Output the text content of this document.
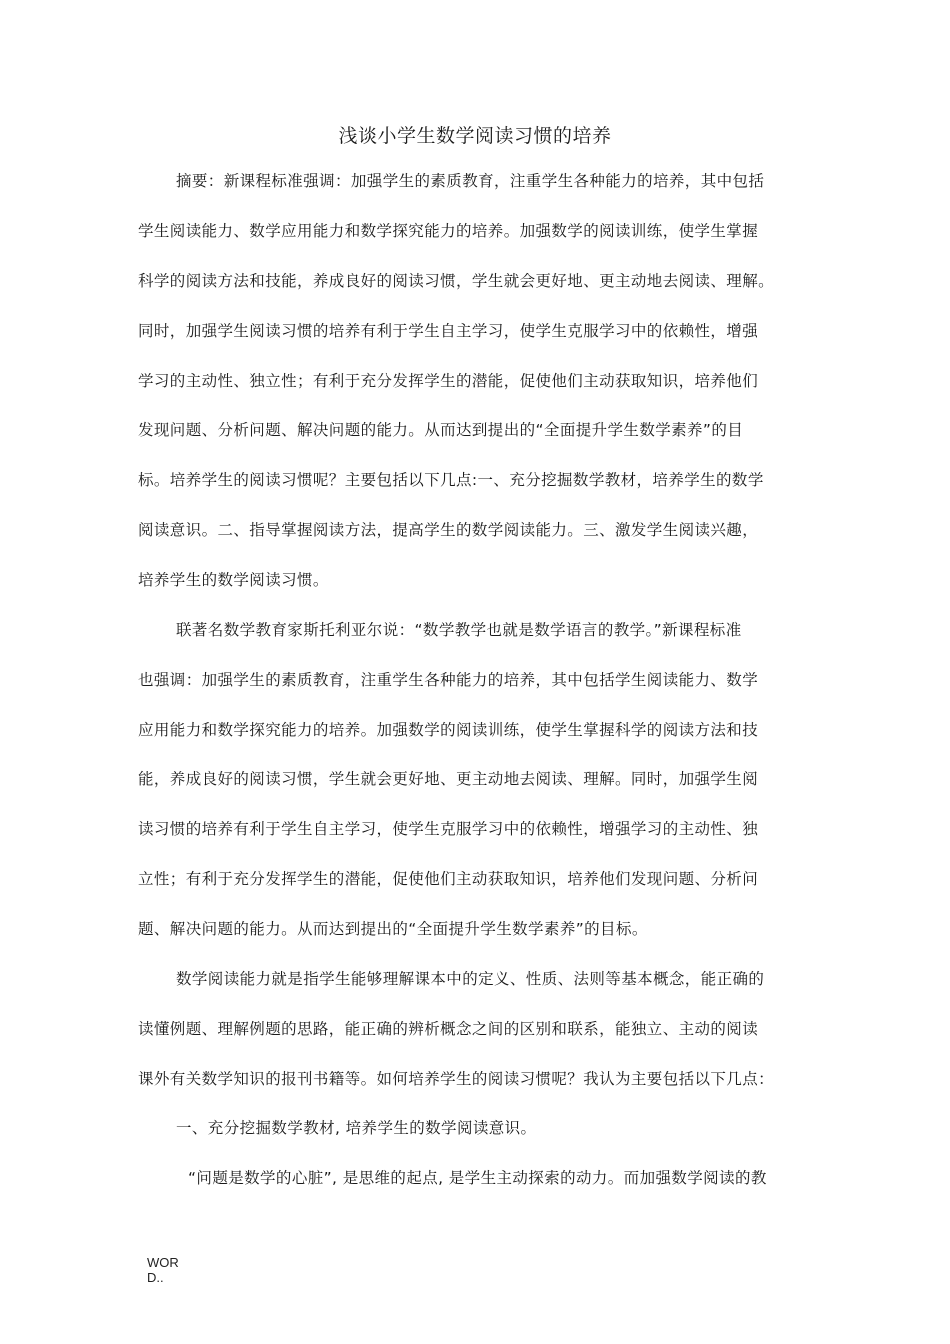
浅谈小学生数学阅读习惯的培养
摘要：新课程标准强调：加强学生的素质教育，注重学生各种能力的培养，其中包括
学生阅读能力、数学应用能力和数学探究能力的培养。加强数学的阅读训练，使学生掌握
科学的阅读方法和技能，养成良好的阅读习惯，学生就会更好地、更主动地去阅读、理解。
同时，加强学生阅读习惯的培养有利于学生自主学习，使学生克服学习中的依赖性，增强
学习的主动性、独立性；有利于充分发挥学生的潜能，促使他们主动获取知识，培养他们
发现问题、分析问题、解决问题的能力。从而达到提出的“全面提升学生数学素养”的目
标。培养学生的阅读习惯呢？主要包括以下几点:一、充分挖掘数学教材，培养学生的数学
阅读意识。二、指导掌握阅读方法，提高学生的数学阅读能力。三、激发学生阅读兴趣，
培养学生的数学阅读习惯。
联著名数学教育家斯托利亚尔说：“数学教学也就是数学语言的教学。”新课程标准
也强调：加强学生的素质教育，注重学生各种能力的培养，其中包括学生阅读能力、数学
应用能力和数学探究能力的培养。加强数学的阅读训练，使学生掌握科学的阅读方法和技
能，养成良好的阅读习惯，学生就会更好地、更主动地去阅读、理解。同时，加强学生阅
读习惯的培养有利于学生自主学习，使学生克服学习中的依赖性，增强学习的主动性、独
立性；有利于充分发挥学生的潜能，促使他们主动获取知识，培养他们发现问题、分析问
题、解决问题的能力。从而达到提出的“全面提升学生数学素养”的目标。
数学阅读能力就是指学生能够理解课本中的定义、性质、法则等基本概念，能正确的
读懂例题、理解例题的思路，能正确的辨析概念之间的区别和联系，能独立、主动的阅读
课外有关数学知识的报刊书籍等。如何培养学生的阅读习惯呢？我认为主要包括以下几点：
一、充分挖掘数学教材, 培养学生的数学阅读意识。
“问题是数学的心脏”, 是思维的起点, 是学生主动探索的动力。而加强数学阅读的教
WOR
D..
